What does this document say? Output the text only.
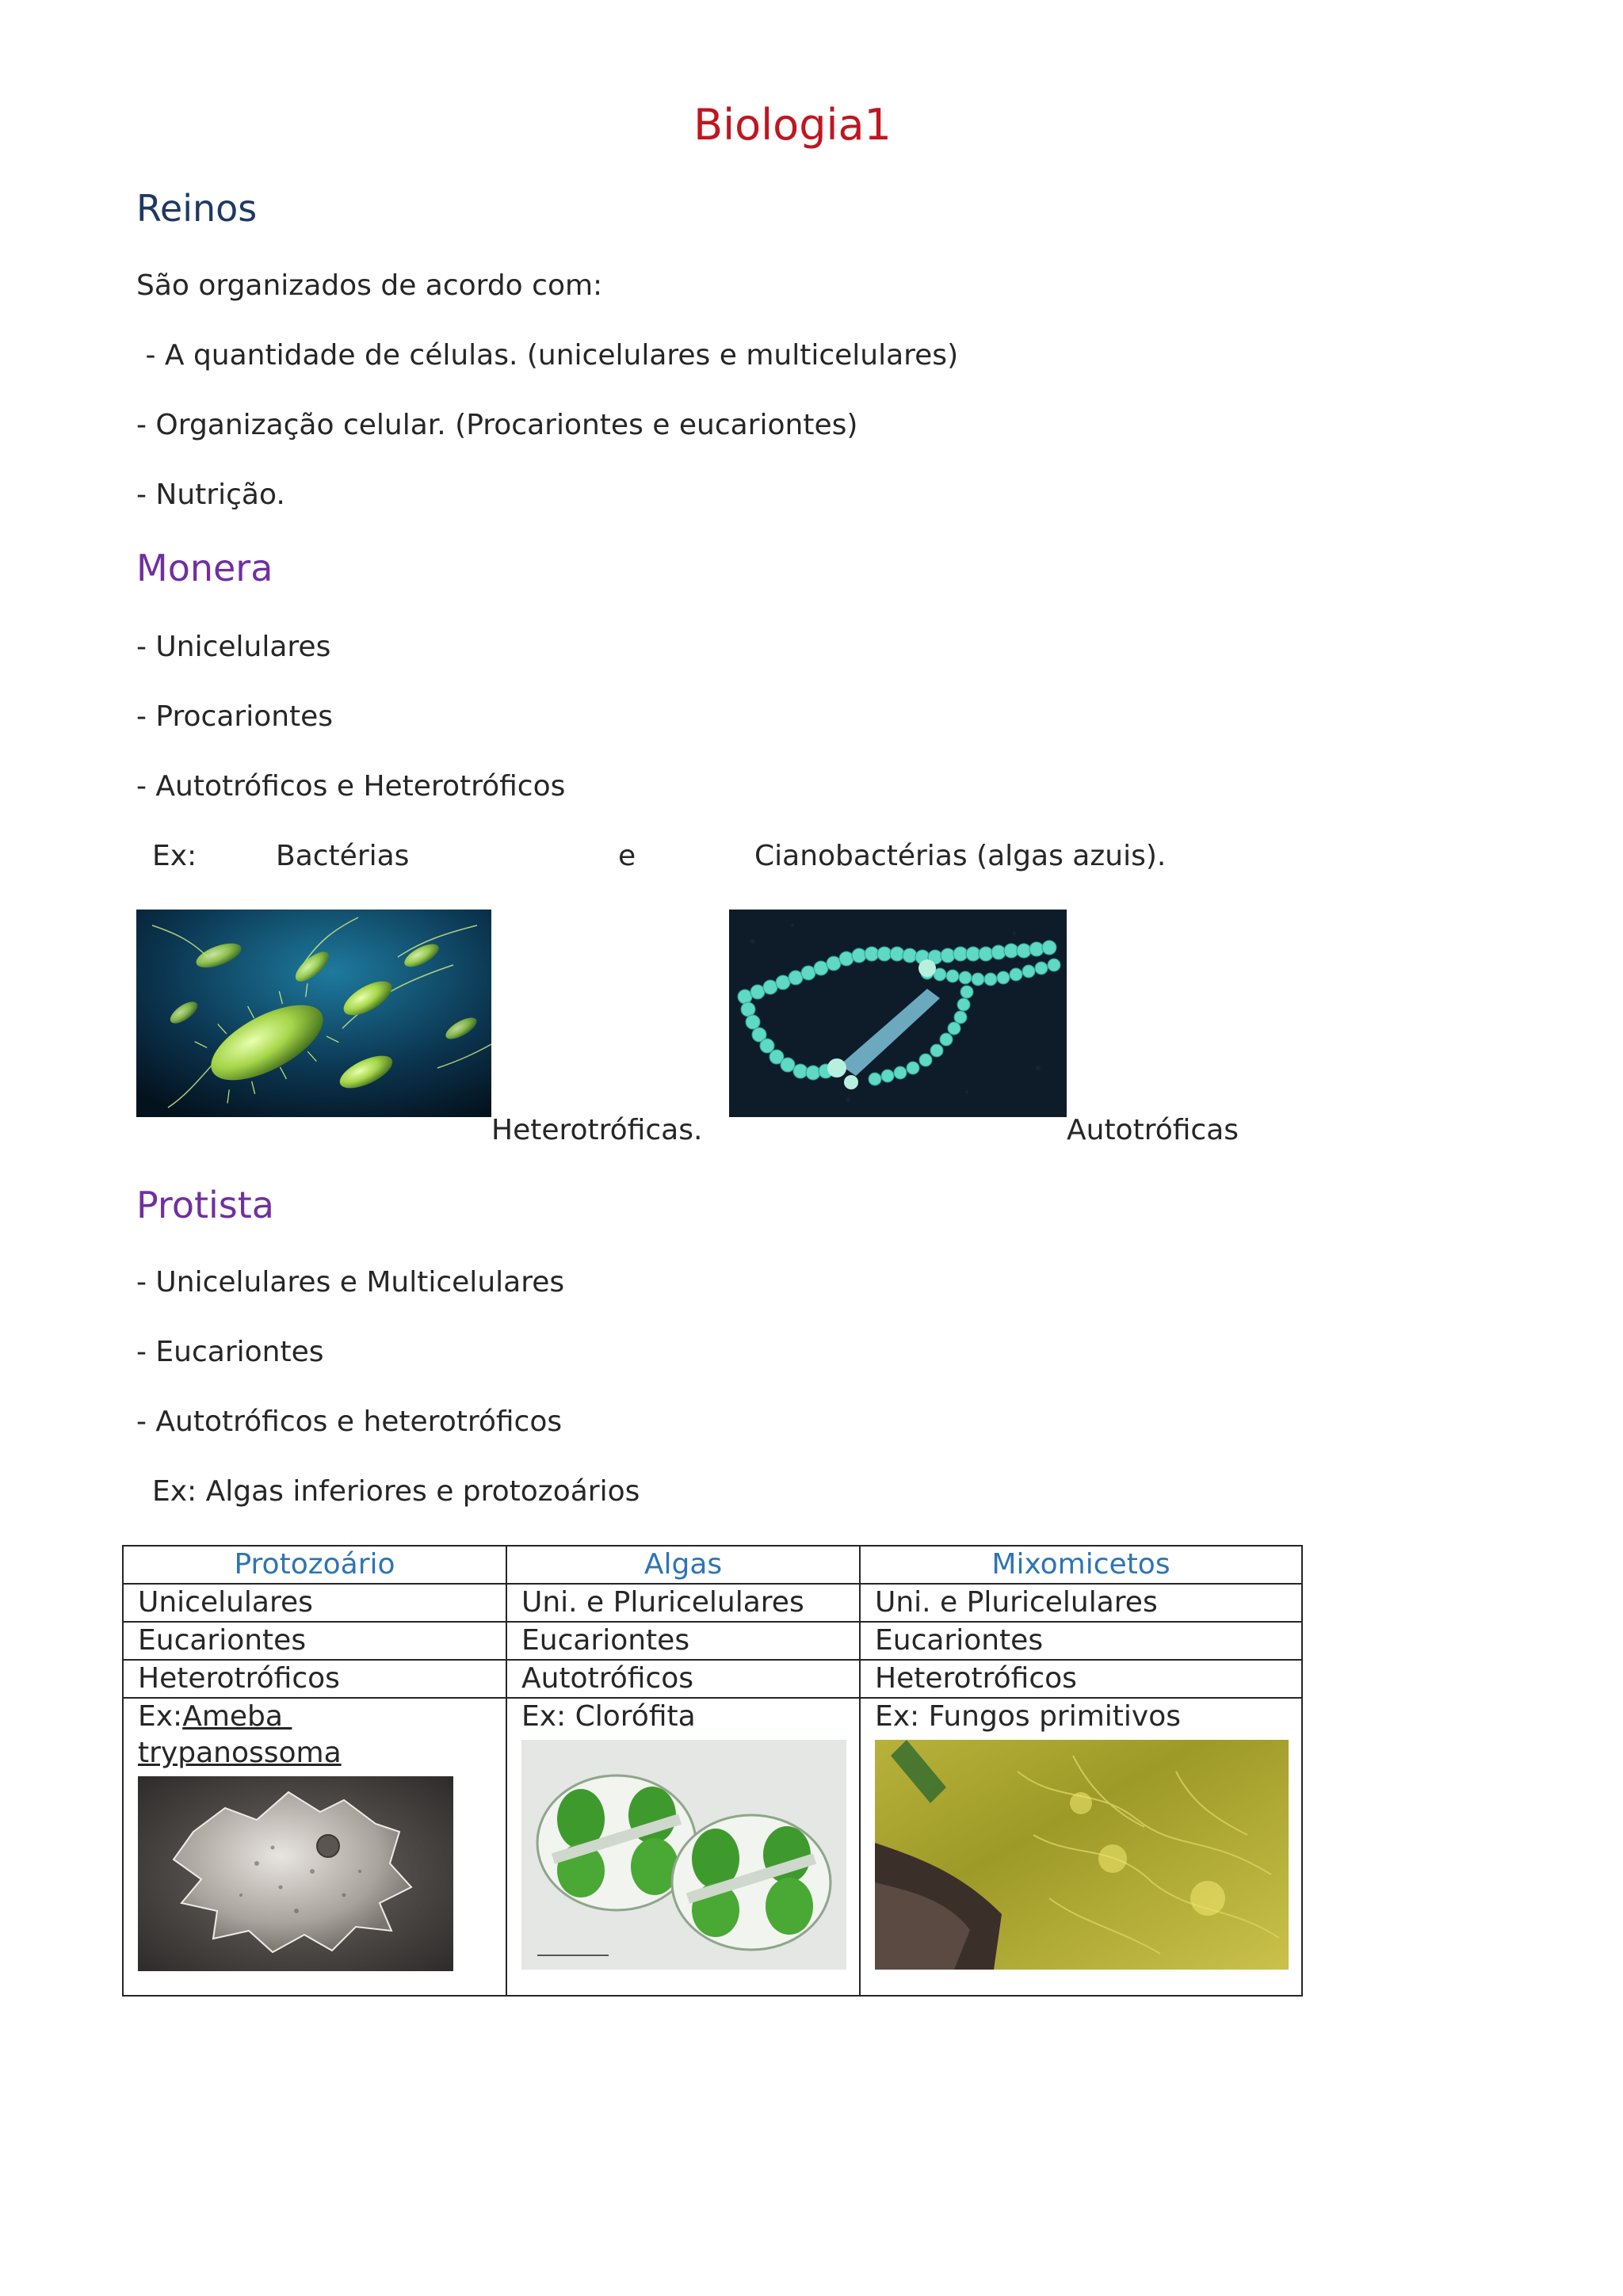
Biologia1
Reinos
São organizados de acordo com:
- A quantidade de células. (unicelulares e multicelulares)
- Organização celular. (Procariontes e eucariontes)
- Nutrição.
Monera
- Unicelulares
- Procariontes
- Autotróficos e Heterotróficos
Ex:	Bactérias	e	Cianobactérias (algas azuis).
Heterotróficas.	Autotróficas
Protista
- Unicelulares e Multicelulares
- Eucariontes
- Autotróficos e heterotróficos
Ex: Algas inferiores e protozoários
Protozoário	Algas	Mixomicetos
Unicelulares	Uni. e Pluricelulares	Uni. e Pluricelulares
Eucariontes	Eucariontes	Eucariontes
Heterotróficos	Autotróficos	Heterotróficos
Ex:Ameba
trypanossoma	Ex: Clorófita	Ex: Fungos primitivos
